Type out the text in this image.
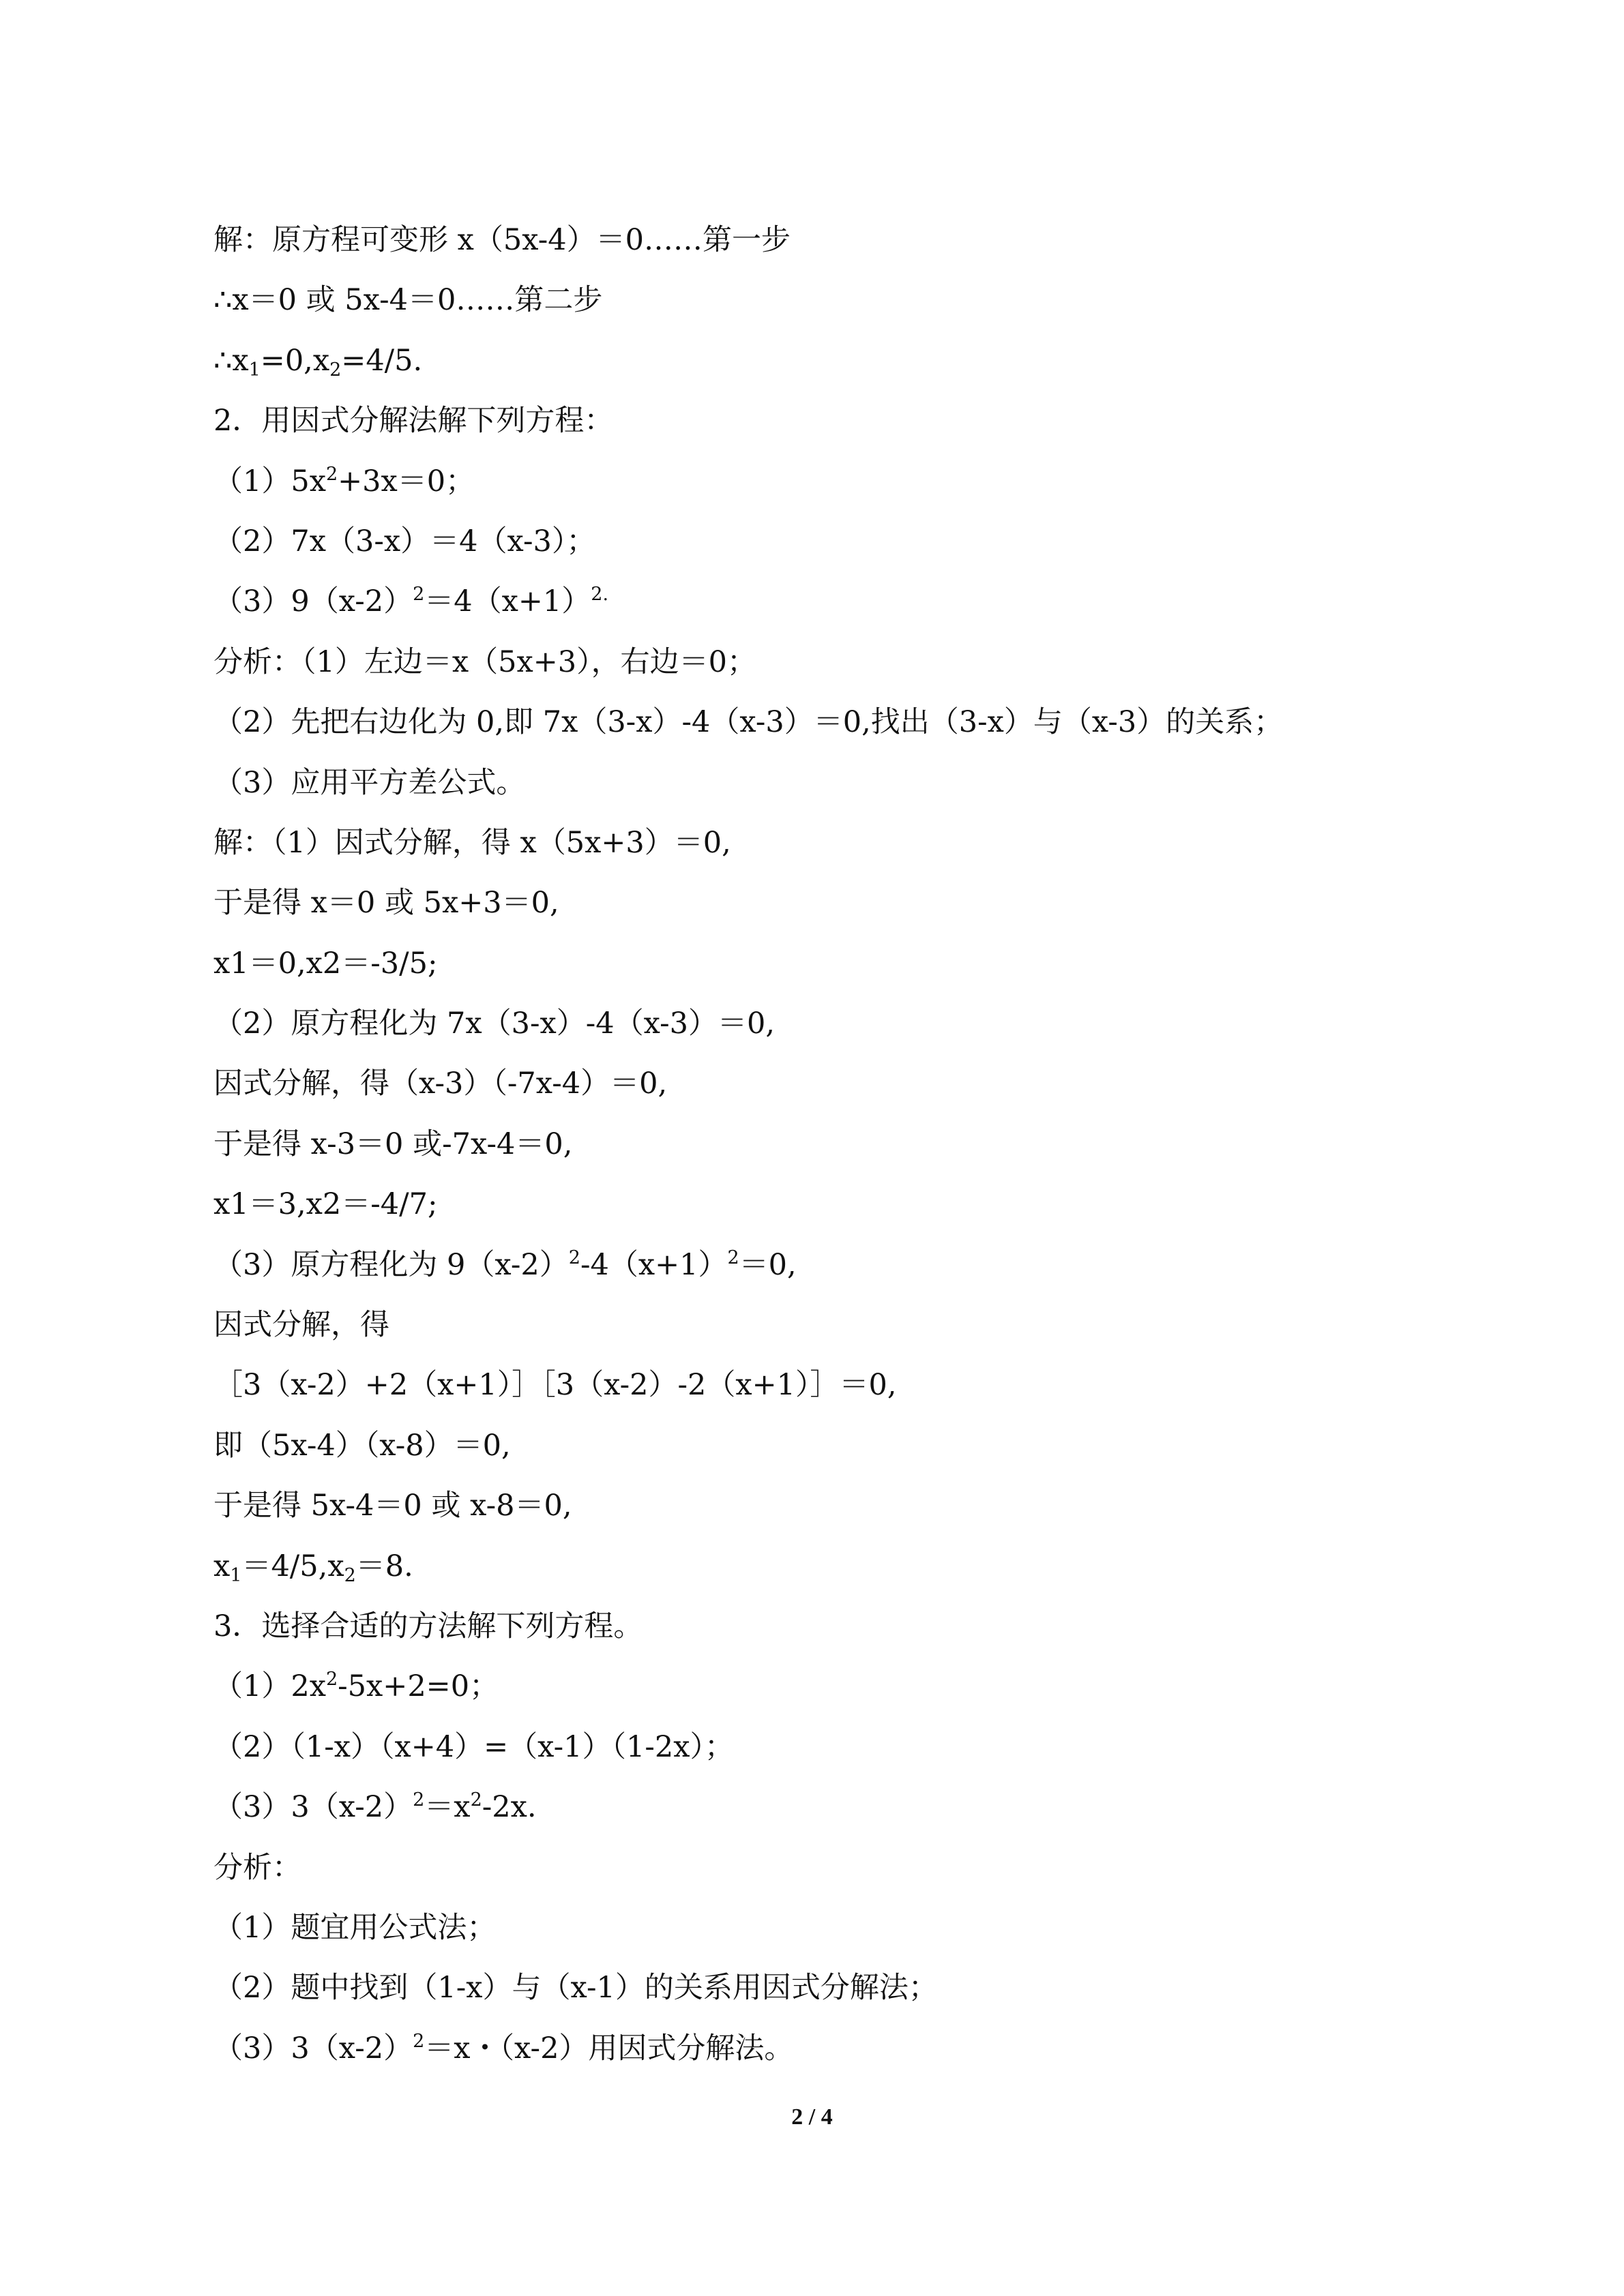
解：原方程可变形 x（5x-4）＝0……第一步
∴x＝0 或 5x-4＝0……第二步
$\therefore x_1=0,x_2=4/5$.
2．用因式分解法解下列方程：
$(1)5x^2+3x=0$；
（2）7x（3-x）＝4（x-3）；
$(3)9(x-2)^2=4(x+1)^{2.}$
分析：（1）左边＝x（5x+3），右边＝0；
（2）先把右边化为 0,即 7x（3-x）-4（x-3）＝0,找出（3-x）与（x-3）的关系；
（3）应用平方差公式。
解：（1）因式分解，得 x（5x+3）＝0,
于是得 x＝0 或 5x+3＝0,
x1＝0,x2＝-3/5;
（2）原方程化为 7x（3-x）-4（x-3）＝0,
因式分解，得（x-3）（-7x-4）＝0,
于是得 x-3＝0 或-7x-4＝0,
x1＝3,x2＝-4/7;
（3）原方程化为 $9(x-2)^2-4(x+1)^2=0$,
因式分解，得
［3（x-2）+2（x+1）］［3（x-2）-2（x+1）］＝0,
即（5x-4）（x-8）＝0,
于是得 5x-4＝0 或 x-8＝0,
$x_1=4/5,x_2=8$.
3．选择合适的方法解下列方程。
$(1)2x^2-5x+2=0$；
（2）（1-x）（x+4）=（x-1）（1-2x）；
$(3)3(x-2)^2=x^2-2x$.
分析：
（1）题宜用公式法；
（2）题中找到（1-x）与（x-1）的关系用因式分解法；
$(3)3(x-2)^2=x$・（x-2）用因式分解法。
2 / 4
